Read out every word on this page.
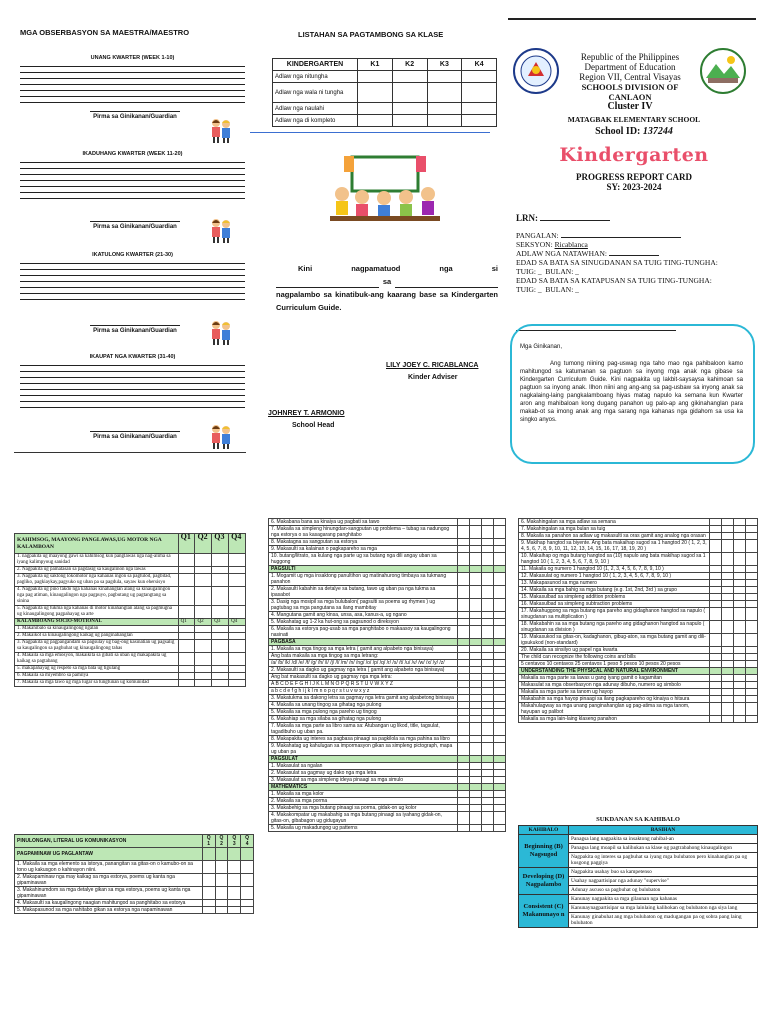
MGA OBSERBASYON SA MAESTRA/MAESTRO
UNANG KWARTER (WEEK 1-10)
Pirma sa Ginikanan/Guardian
IKADUHANG KWARTER (WEEK 11-20)
Pirma sa Ginikanan/Guardian
IKATULONG KWARTER (21-30)
Pirma sa Ginikanan/Guardian
IKAUPAT NGA KWARTER (31-40)
Pirma sa Ginikanan/Guardian
LISTAHAN SA PAGTAMBONG SA KLASE
KINDERGARTEN	K1	K2	K3	K4
Adlaw nga nitungha				
Adlaw nga wala ni tungha				
Adlaw nga naulahi				
Adlaw nga di kompleto				
Kini	nagpamatuod	nga	si
sa
nagpalambo sa kinatibuk-ang kaarang base sa Kindergarten Curriculum Guide.
LILY JOEY C. RICABLANCA
Kinder Adviser
JOHNREY T. ARMONIO
School Head
Republic of the Philippines
Department of Education
Region VII, Central Visayas
SCHOOLS DIVISION OF CANLAON
Cluster IV
MATAGBAK ELEMENTARY SCHOOL
School ID: 137244
Kindergarten
PROGRESS REPORT CARD
SY: 2023-2024
LRN:
PANGALAN:
SEKSYON: Ricablanca
ADLAW NGA NATAWHAN:
EDAD SA BATA SA SINUGDANAN SA TUIG TING-TUNGHA:
TUIG: _  BULAN: _
EDAD SA BATA SA KATAPUSAN SA TUIG TING-TUNGHA:
TUIG: _  BULAN: _
Mga Ginikanan,
Ang tumong niining pag-uswag nga taho mao nga pahibaloon kamo mahitungod sa katumanan sa pagtuon sa inyong mga anak nga gibase sa Kindergarten Curriculum Guide. Kini nagpakita ug lakbit-saysaysa kahimoan sa pagtuon sa inyong anak. Ilhon niini ang ang-ang sa pag-usbaw sa inyong anak sa nagkalaing-laing pangkalamboang hiyas matag napulo ka semana kun Kwarter aron ang mahibaloan kong dugang panahon ug palo-ap ang gikinahanglan para makab-ot sa imong anak ang mga sarang nga kahanas nga gidahom sa usa ka singko anyos.
KAHIMSOG, MAAYONG PANGLAWAS,UG MOTOR NGA KALAMBOAN	Q1	Q2	Q3	Q4
1. nagpakita ug maayong gawi sa kahimsog kun panglawas nga nag-alima sa iyang kalimpyoug sanidad				
2. Nagpakita ug pamatasan sa pagdasig sa kaugalinon nga lawas				
3. Nagpakita ug saktong lokomotor nga kahanas ingon sa pagtulod, pagbitad, pagliko, pagkiaykay,pagyuko ug uban pa sa pagdula, sayaw kun ehersisyo				
4. Nagpakita ug pino takdo nga kahanas kinahanglan alang sa kinaugalingon nga pag atiman, kinaugalingon nga pagpuyo, pagbutang ug pagtangtang sa sinina				
5. Nagpakita ug tukma nga kahanas di motor kinahanglan alang sa pagmugna ug kinaugalingong pagpahayag sa arte				
KALAMBOANG SOCIO-MOTIONAL	Q1	Q2	Q3	Q4
1. Makahibalo sa kinaugalingong ngalan				
2. Makaikot sa kinaugalingong kaikag ug panginahanglan				
3. Nagpakita ug pagpangandam sa pagsulay ug bag-ong kasinatian ug pagsalig sa kaugalingon sa paghuhat ug kinaugalingong tahas				
4. Makaila sa mga emosyon, makaikita sa gibati sa uban ug makapakita ug kaikag sa pagtabang				
5. makapahayag ug respeto sa mga bata ug tigulang				
6. Makaila sa miyembro sa pamilya				
7. Makaila sa mga tawo ug mga lugar sa tungtunan ug komunidad				
PINULONGAN, LITERAL UG KOMUNIKASYON	Q 1	Q 2	Q 3	Q 4
PAGPAMINAW UG PAGLANTAW				
1. Makaila sa mga elemento sa istorya, panangitan sa gitas-on o kamubo-on sa tono ug kakusgon o kahinayon niini.				
2. Makapaminaw nga may kaikag sa mga estorya, poems ug kanta nga gipaminawan				
3. Makahinumdom sa mga detalye gikan sa mga estorya, poems ug kanta nga gipaminawan				
4. Makasulti sa kaugalingong naagian mahitungod sa panghitabo sa estorya				
5. Makapasunod sa mga nahitabo gikan sa estorya nga napaminawan				
6. Makabana bana sa kinaiya ug pagbati sa tawo				
7. Makaila sa simpleng hinungdan-sangputan ug problema – tubag sa nadungog nga estorya o sa kasagarang panghitabo				
8. Makatagna sa sangputan sa estorya				
9. Makasulti sa kalainan o pagkapareho sa mga				
10. butang/litrato, sa kulang nga parte ug sa butang nga dili angay uban sa huggong				
PAGSULTI				
1. Mogamit ug mga insaktong panultihon ug matinahurong timbaya sa tukmang panahon				
2. Makasulti kabahin sa detalye sa butang, tawo ug uban pa nga tukma sa ipasabot				
3. Dasig nga mosipil sa mga bulubalon( pagsulti sa poems ug rhymes ) ug pagtubag sa mga pangutana sa ilang mambitay				
4. Mangutana gamit ang kinsa, unsa, asa, kanus-a, ug ngano				
5. Makahatag ug 1-2 ka hut-ong sa pagsunod o direksyon				
6. Makaila sa estorya pag-usab sa mga panghitabo o makaasoy sa kaugalingong nasinati				
PAGBASA				
1. Makaila sa mga tingog sa mga letra ( gamit ang alpabeto nga binisaya)				
Ang bata makaila sa mga tingog sa mga letrang:				
/a/ /b/ /k/ /d/ /e/ /f/ /g/ /h/ /i/ /j/ /l/ /m/ /n/ /ng/ /o/ /p/ /q/ /r/ /s/ /t/ /u/ /v/ /w/ /x/ /y/ /z/				
2. Makasulti sa dagko ug gagmay nga letra ( gamit ang alpabeto nga binisaya)				
Ang bat makasulti sa dagko ug gagmay nga mga letra:				
A B C D E F G H I J K L M N O P Q R S T U V W X Y Z				
a b c d e f g h i j k l m n o p q r s t u v w x y z				
3. Makatukma sa dakong letra sa gagmay nga letra gamit ang alpabetong binisaya				
4. Makaila sa unang tingog sa gihatag nga pulong				
5. Makaila sa mga pulong nga pareho ug tingog				
6. Makahiap sa mga silaba sa gihatag nga pulong				
7. Makaila sa mga parte sa libro sama sa: Atubangan ug likod, title, tagsulat, tagadibuho ug uban pa.				
8. Makapakita ug interes sa pagbasa pinaagi sa pagkilola sa mga pahina sa libro				
9. Makahatag ug kahulugan sa impormasyon gikan sa simpleng pictograph, mapa ug uban pa				
PAGSULAT				
1. Makasulat sa ngalan				
2. Makasulat sa gagmay ug dako nga mga letra				
3. Makasulat sa mga simpleng ideya pinaagi sa mga simulo				
MATHEMATICS				
1. Makaila sa mga kolor				
2. Makaila sa mga porma				
3. Makabehig sa mga butang pinaagi sa porma, gidak-on ug kolor				
4. Makakompatar ug makabahig sa mga butang pinaagi sa iyahang gidak-on, gitas-on, gibabagon ug gidugayun				
5. Makaila ug makadungog ug patterns				
6. Makahingalan sa mga adlaw sa semana				
7. Makahingalan sa mga bulan sa tuig				
8. Makaila sa panahon sa adlaw ug makasulti sa oras gamit ang analog nga orasan				
9. Makihap hangtod sa biyente. Ang bata makaihap sugod sa 1 hangtod 20 ( 1, 2, 3, 4, 5, 6, 7, 8, 9, 10, 11, 12, 13, 14, 15, 16, 17, 18, 19, 20 )				
10. Makaihap og mga butang hangtod sa (10) napulo ang bata makihap sugod sa 1 hangtod 10 ( 1, 2, 3, 4, 5, 6, 7, 8, 9, 10 )				
11. Makaila og numero 1 hangtod 10 (1, 2, 3, 4, 5, 6, 7, 8, 9, 10 )				
12. Makasulat og numero 1 hangtod 10 ( 1, 2, 3, 4, 5, 6, 7, 8, 9, 10 )				
13. Makapasunod sa mga numero				
14. Makaila sa mga bahig sa mga butang (e.g. 1st, 2nd, 3rd ) sa grupo				
15. Makasulbad sa simpleng addition problems				
16. Makasulbad sa simpleng subtraction problems				
17. Makahuggong sa mga butang nga pareho ang gidaghanon hangtod sa napulo ( sinugdanan sa multiplication )				
18. Makabahin sa sa mga butang nga pareho ang gidaghanon hangtod sa napulo ( sinugdanan sa division )				
19. Makasukod sa gitas-on, kadaghanon, gibug-aton, sa mga butang gamit ang dili-igsukukod (non-standard)				
20. Makaila sa sinsilyo ug papel nga kwarta				
The child can recognize the following coins and bills				
5 centavos 10 centavos 25 centavos 1 peso 5 pesos 10 pesos 20 pesos				
UNDERSTANDING THE PHYSICAL AND NATURAL ENVIRONMENT				
Makaila sa mga parte sa lawas u gang iyang gamit o kagamitan				
Makasulat sa mga obserbasyon nga adunay dibuho, numero ug simbolo				
Makaila sa mga parte sa tanom ug hayop				
Makabahin sa mga hayop pinaagi sa ilang pagkapareho og kinaiya o hitsura				
Makahulagway sa mga unang panginahanglan ug pag-atima sa mga tanom, hayupan ug palibot				
Makaila sa mga lain-laing klaseng panahon				
SUKDANAN SA KAHIBALO
KAHIBALO	BASIHAN
Beginning (B) Nagsugod	Panagsa lang nagpakita sa insaktong nahibal-an
	Panagsa lang moapil sa kalihukan sa klase og pagtrabahong kinaugalingon
	Nagpakita og interes sa pagbuhat sa iyang mga bulubaton pero kinahanglan pa og kusgong paggiya
Developing (D) Nagpalambo	Nagpakita usahay buo sa kampetenso
	Usahay nagpartisipar nga adunay "supervise"
	Adunay ascuso sa pagbuhat og bulubaton
Consistent (C) Makanunayo n	Kanunay nagpakita sa mga gilaunan nga kahanas
	Kanunaynagpartisipar sa mga lainlaing kalihokan og bulubaton nga siya lang
	Kanunay ginabuhat ang mga bulubaton og madugangan pa og sobra pang laing bulubaton
